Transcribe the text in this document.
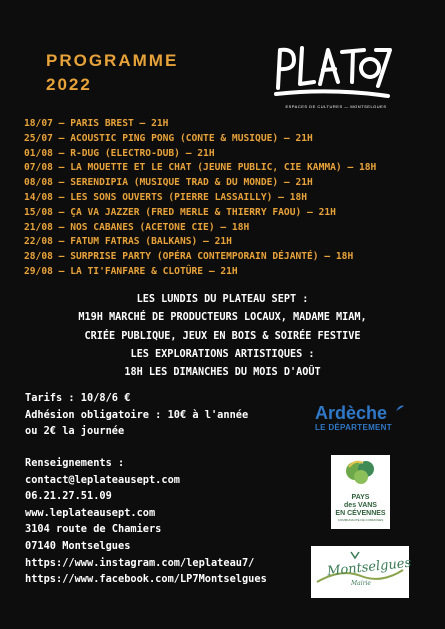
PROGRAMME
2022
ESPACES DE CULTURES — MONTSELGUES
18/07 — PARIS BREST — 21H
25/07 — ACOUSTIC PING PONG (CONTE & MUSIQUE) — 21H
01/08 — R-DUG (ELECTRO-DUB) — 21H
07/08 — LA MOUETTE ET LE CHAT (JEUNE PUBLIC, CIE KAMMA) — 18H
08/08 — SERENDIPIA (MUSIQUE TRAD & DU MONDE) — 21H
14/08 — LES SONS OUVERTS (PIERRE LASSAILLY) — 18H
15/08 — ÇA VA JAZZER (FRED MERLE & THIERRY FAOU) — 21H
21/08 — NOS CABANES (ACETONE CIE) — 18H
22/08 — FATUM FATRAS (BALKANS) — 21H
28/08 — SURPRISE PARTY (OPÉRA CONTEMPORAIN DÉJANTÉ) — 18H
29/08 — LA TI'FANFARE & CLOTÛRE — 21H
LES LUNDIS DU PLATEAU SEPT :
M19H MARCHÉ DE PRODUCTEURS LOCAUX, MADAME MIAM,
CRIÉE PUBLIQUE, JEUX EN BOIS & SOIRÉE FESTIVE
LES EXPLORATIONS ARTISTIQUES :
18H LES DIMANCHES DU MOIS D'AOÛT
Tarifs : 10/8/6 €
Adhésion obligatoire : 10€ à l'année
ou 2€ la journée
Renseignements :
contact@leplateausept.com
06.21.27.51.09
www.leplateausept.com
3104 route de Chamiers
07140 Montselgues
https://www.instagram.com/leplateau7/
https://www.facebook.com/LP7Montselgues
Ardèche
LE DÉPARTEMENT
PAYS
des VANS
EN CÉVENNES
COMMUNAUTÉ DE COMMUNES
Montselgues
Mairie
